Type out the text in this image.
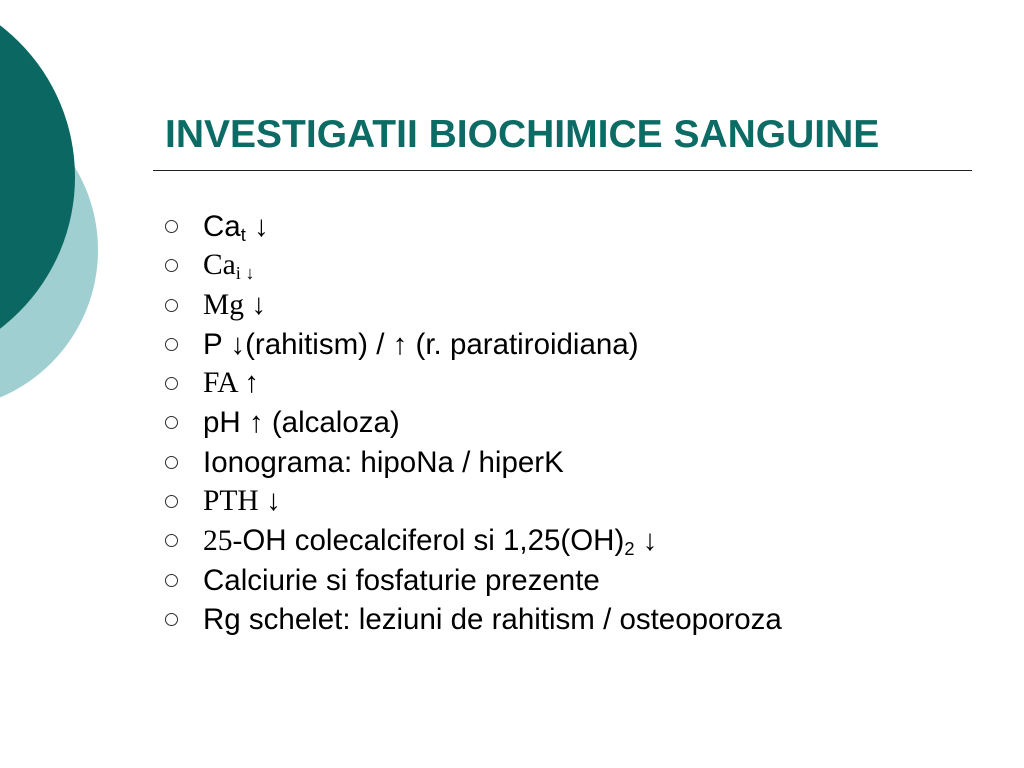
INVESTIGATII BIOCHIMICE SANGUINE
$Ca_t$ ↓
$Ca_{i ↓}$
Mg ↓
P ↓(rahitism) / ↑ (r. paratiroidiana)
FA ↑
pH ↑ (alcaloza)
Ionograma: hipoNa / hiperK
PTH ↓
25-OH colecalciferol si $1,25(OH)_2$ ↓
Calciurie si fosfaturie prezente
Rg schelet: leziuni de rahitism / osteoporoza
